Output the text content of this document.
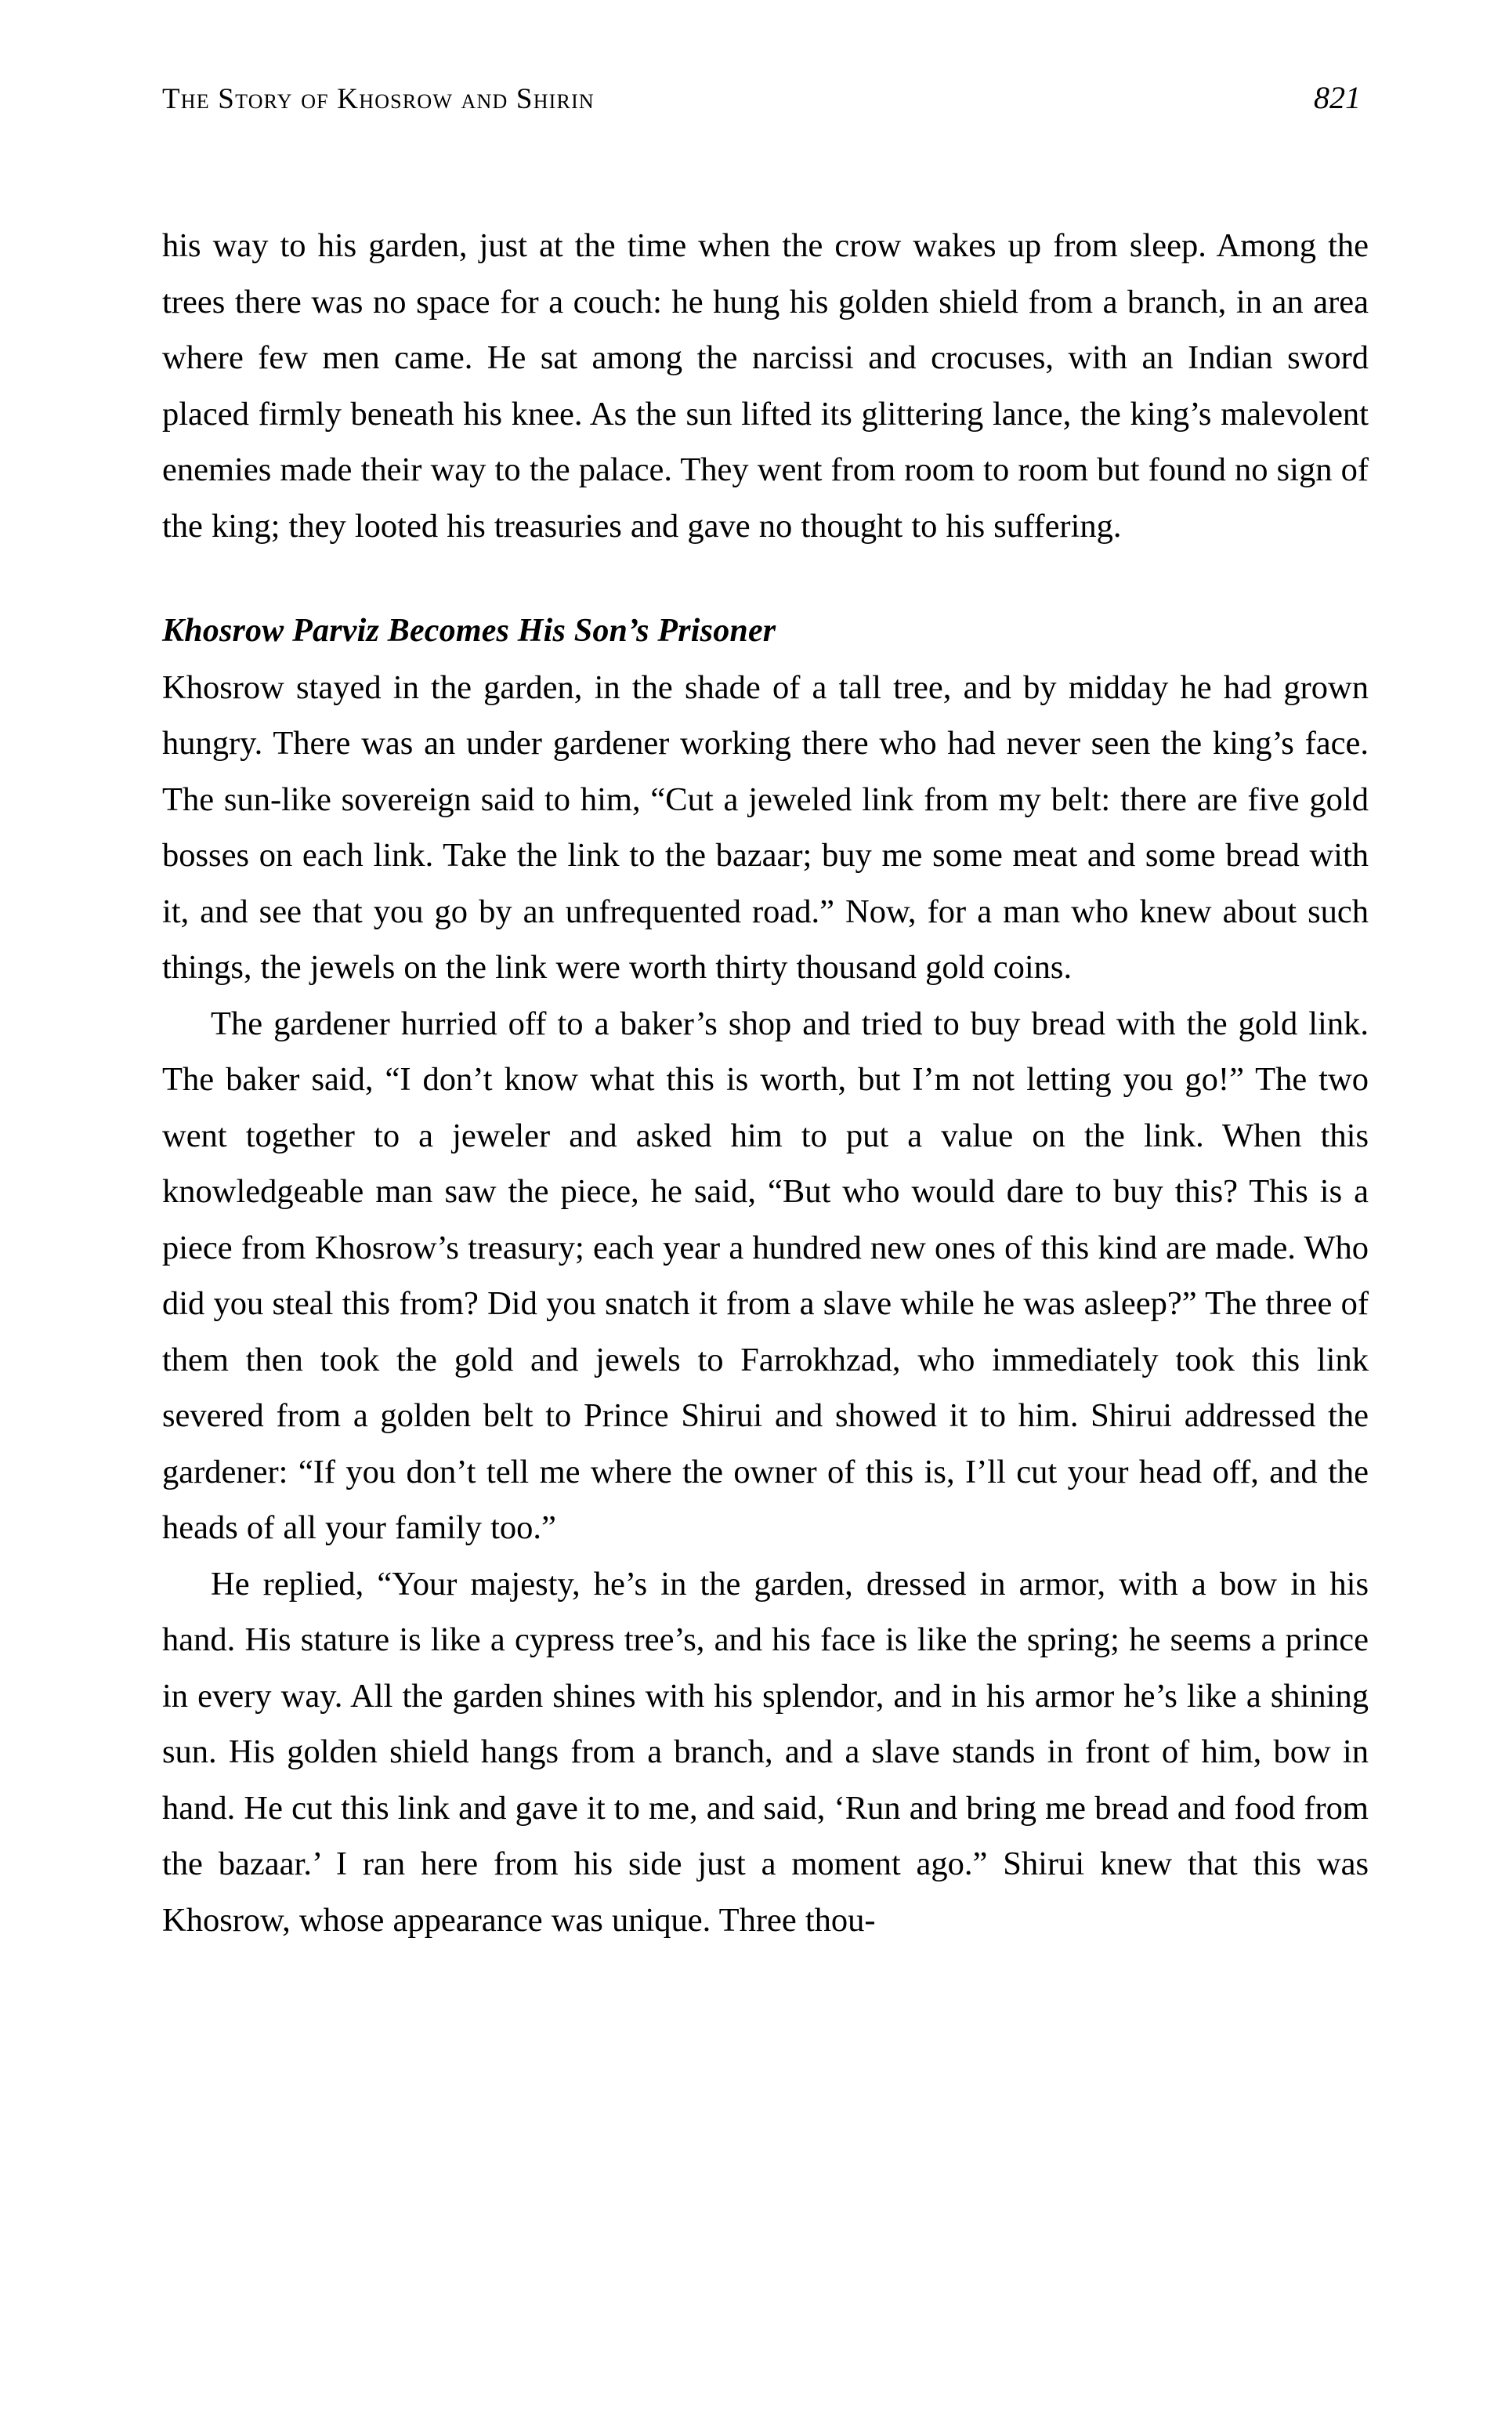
The Story of Khosrow and Shirin	821

his way to his garden, just at the time when the crow wakes up from sleep. Among the trees there was no space for a couch: he hung his golden shield from a branch, in an area where few men came. He sat among the narcissi and crocuses, with an Indian sword placed firmly beneath his knee. As the sun lifted its glittering lance, the king’s malevolent enemies made their way to the palace. They went from room to room but found no sign of the king; they looted his treasuries and gave no thought to his suffering.

Khosrow Parviz Becomes His Son’s Prisoner

Khosrow stayed in the garden, in the shade of a tall tree, and by midday he had grown hungry. There was an under gardener working there who had never seen the king’s face. The sun-like sovereign said to him, “Cut a jeweled link from my belt: there are five gold bosses on each link. Take the link to the bazaar; buy me some meat and some bread with it, and see that you go by an unfrequented road.” Now, for a man who knew about such things, the jewels on the link were worth thirty thousand gold coins.

The gardener hurried off to a baker’s shop and tried to buy bread with the gold link. The baker said, “I don’t know what this is worth, but I’m not letting you go!” The two went together to a jeweler and asked him to put a value on the link. When this knowledgeable man saw the piece, he said, “But who would dare to buy this? This is a piece from Khosrow’s treasury; each year a hundred new ones of this kind are made. Who did you steal this from? Did you snatch it from a slave while he was asleep?” The three of them then took the gold and jewels to Farrokhzad, who immediately took this link severed from a golden belt to Prince Shirui and showed it to him. Shirui addressed the gardener: “If you don’t tell me where the owner of this is, I’ll cut your head off, and the heads of all your family too.”

He replied, “Your majesty, he’s in the garden, dressed in armor, with a bow in his hand. His stature is like a cypress tree’s, and his face is like the spring; he seems a prince in every way. All the garden shines with his splendor, and in his armor he’s like a shining sun. His golden shield hangs from a branch, and a slave stands in front of him, bow in hand. He cut this link and gave it to me, and said, ‘Run and bring me bread and food from the bazaar.’ I ran here from his side just a moment ago.” Shirui knew that this was Khosrow, whose appearance was unique. Three thou-
